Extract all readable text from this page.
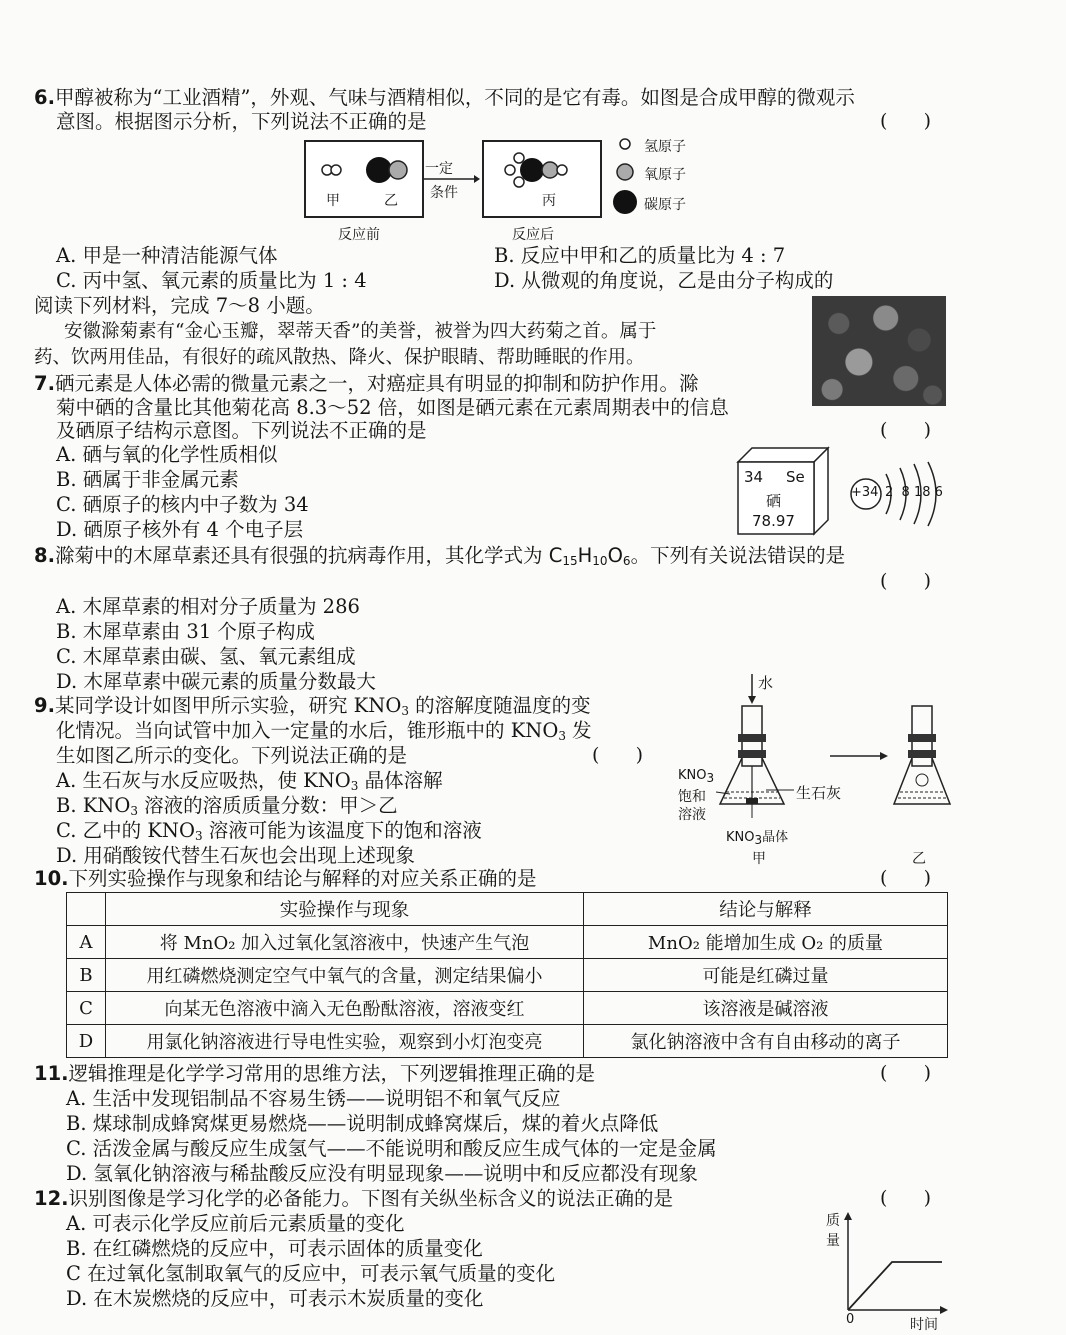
6.甲醇被称为“工业酒精”，外观、气味与酒精相似，不同的是它有毒。如图是合成甲醇的微观示
意图。根据图示分析，下列说法不正确的是	(      )
甲	乙
一定
条件	丙
反应前	反应后
氢原子
氧原子
碳原子
A. 甲是一种清洁能源气体	B. 反应中甲和乙的质量比为 4 : 7
C. 丙中氢、氧元素的质量比为 1 : 4	D. 从微观的角度说，乙是由分子构成的
阅读下列材料，完成 7～8 小题。
安徽滁菊素有“金心玉瓣，翠蒂天香”的美誉，被誉为四大药菊之首。属于
药、饮两用佳品，有很好的疏风散热、降火、保护眼睛、帮助睡眠的作用。
7.硒元素是人体必需的微量元素之一，对癌症具有明显的抑制和防护作用。滁
菊中硒的含量比其他菊花高 8.3～52 倍，如图是硒元素在元素周期表中的信息
及硒原子结构示意图。下列说法不正确的是	(      )
A. 硒与氧的化学性质相似
B. 硒属于非金属元素
C. 硒原子的核内中子数为 34
D. 硒原子核外有 4 个电子层
34 Se
硒
78.97
+34 2  8 18 6
8.滁菊中的木犀草素还具有很强的抗病毒作用，其化学式为 $C_{15}H_{10}O_6$。下列有关说法错误的是
(      )
A. 木犀草素的相对分子质量为 286
B. 木犀草素由 31 个原子构成
C. 木犀草素由碳、氢、氧元素组成
D. 木犀草素中碳元素的质量分数最大
9.某同学设计如图甲所示实验，研究 $KNO_3$ 的溶解度随温度的变
化情况。当向试管中加入一定量的水后，锥形瓶中的 $KNO_3$ 发
生如图乙所示的变化。下列说法正确的是	(      )
A. 生石灰与水反应吸热，使 $KNO_3$ 晶体溶解
B. $KNO_3$ 溶液的溶质质量分数：甲＞乙
C. 乙中的 $KNO_3$ 溶液可能为该温度下的饱和溶液
D. 用硝酸铵代替生石灰也会出现上述现象
水
$KNO_3$
饱和
溶液
生石灰
$KNO_3$晶体
甲	乙
10.下列实验操作与现象和结论与解释的对应关系正确的是	(      )
	实验操作与现象	结论与解释
A	将 MnO₂ 加入过氧化氢溶液中，快速产生气泡	MnO₂ 能增加生成 O₂ 的质量
B	用红磷燃烧测定空气中氧气的含量，测定结果偏小	可能是红磷过量
C	向某无色溶液中滴入无色酚酞溶液，溶液变红	该溶液是碱溶液
D	用氯化钠溶液进行导电性实验，观察到小灯泡变亮	氯化钠溶液中含有自由移动的离子
11.逻辑推理是化学学习常用的思维方法，下列逻辑推理正确的是	(      )
A. 生活中发现铝制品不容易生锈——说明铝不和氧气反应
B. 煤球制成蜂窝煤更易燃烧——说明制成蜂窝煤后，煤的着火点降低
C. 活泼金属与酸反应生成氢气——不能说明和酸反应生成气体的一定是金属
D. 氢氧化钠溶液与稀盐酸反应没有明显现象——说明中和反应都没有现象
12.识别图像是学习化学的必备能力。下图有关纵坐标含义的说法正确的是	(      )
A. 可表示化学反应前后元素质量的变化
B. 在红磷燃烧的反应中，可表示固体的质量变化
C 在过氧化氢制取氧气的反应中，可表示氧气质量的变化
D. 在木炭燃烧的反应中，可表示木炭质量的变化
质
量
0	时间
